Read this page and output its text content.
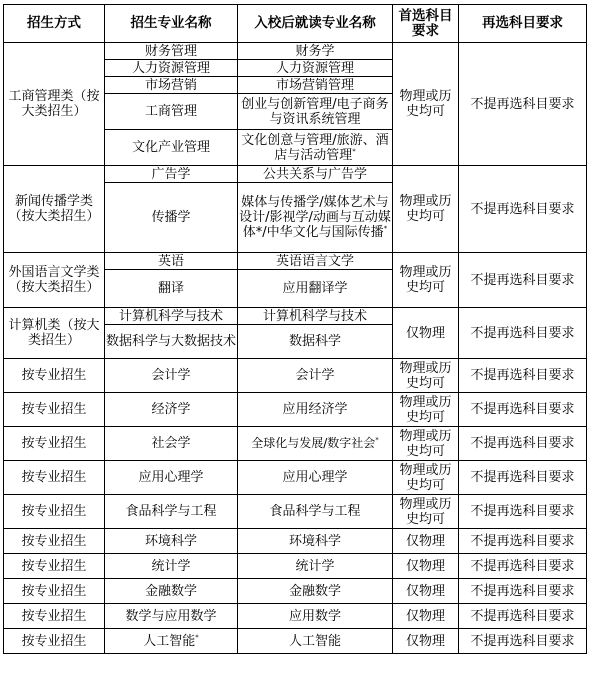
招生方式	招生专业名称	入校后就读专业名称	首选科目要求	再选科目要求
工商管理类（按大类招生）	财务管理	财务学	物理或历史均可	不提再选科目要求
	人力资源管理	人力资源管理		
	市场营销	市场营销管理		
	工商管理	创业与创新管理/电子商务与资讯系统管理		
	文化产业管理	文化创意与管理/旅游、酒店与活动管理*
新闻传播学类（按大类招生）	广告学	公共关系与广告学	物理或历史均可	不提再选科目要求
	传播学	媒体与传播学/媒体艺术与设计/影视学/动画与互动媒体*/中华文化与国际传播*
外国语言文学类（按大类招生）	英语	英语语言文学	物理或历史均可	不提再选科目要求
	翻译	应用翻译学		
计算机类（按大类招生）	计算机科学与技术	计算机科学与技术	仅物理	不提再选科目要求
	数据科学与大数据技术	数据科学		
按专业招生	会计学	会计学	物理或历史均可	不提再选科目要求
按专业招生	经济学	应用经济学	物理或历史均可	不提再选科目要求
按专业招生	社会学	全球化与发展/数字社会*	物理或历史均可	不提再选科目要求
按专业招生	应用心理学	应用心理学	物理或历史均可	不提再选科目要求
按专业招生	食品科学与工程	食品科学与工程	物理或历史均可	不提再选科目要求
按专业招生	环境科学	环境科学	仅物理	不提再选科目要求
按专业招生	统计学	统计学	仅物理	不提再选科目要求
按专业招生	金融数学	金融数学	仅物理	不提再选科目要求
按专业招生	数学与应用数学	应用数学	仅物理	不提再选科目要求
按专业招生	人工智能*	人工智能	仅物理	不提再选科目要求
